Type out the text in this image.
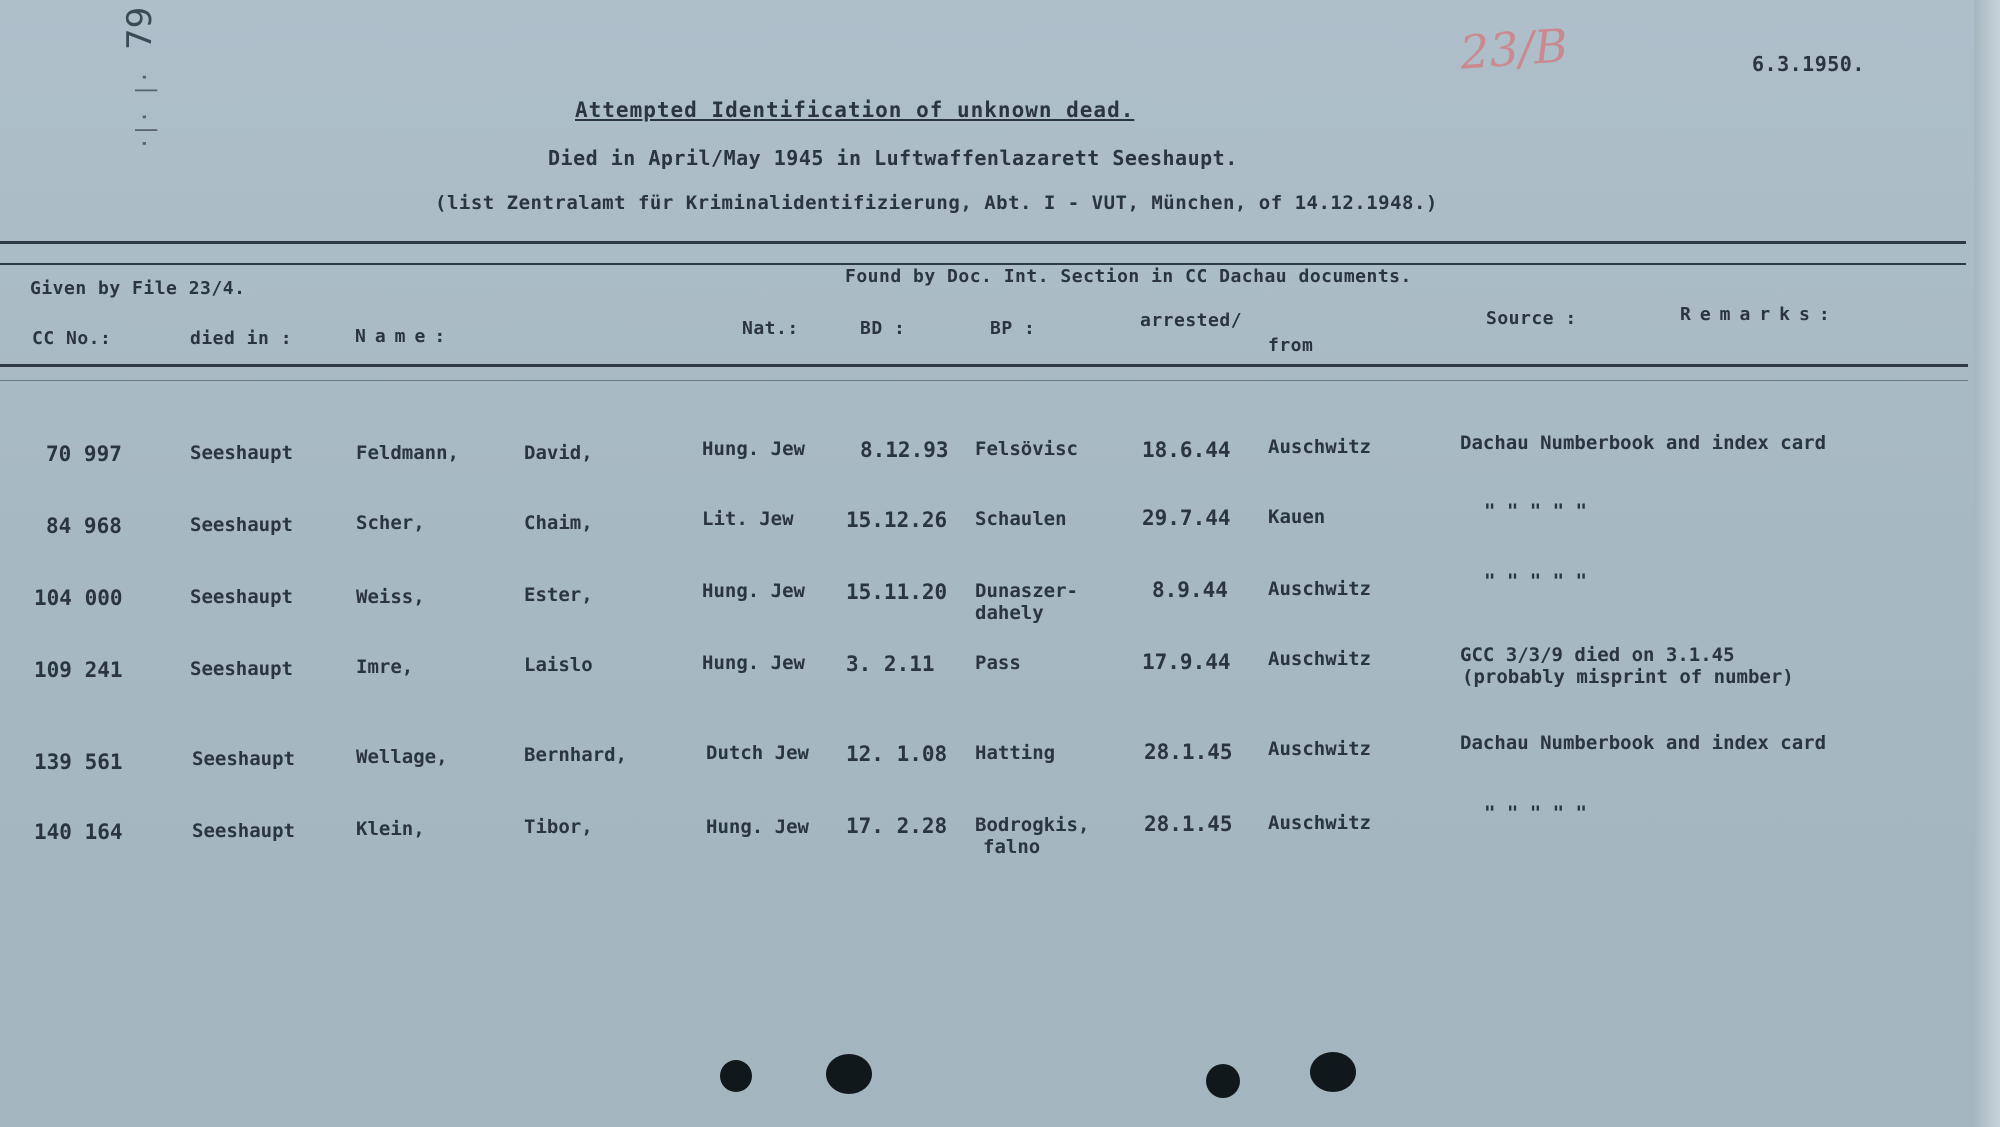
79
·|· |·
23/B	6.3.1950.
Attempted Identification of unknown dead.
Died in April/May 1945 in Luftwaffenlazarett Seeshaupt.
(list Zentralamt für Kriminalidentifizierung, Abt. I - VUT, München, of 14.12.1948.)
Given by File 23/4.
Found by Doc. Int. Section in CC Dachau documents.
CC No.:	died in :	Name:	Nat.:	BD :	BP :	arrested/
from
Source :	Remarks:
70 997	Seeshaupt	Feldmann,	David,	Hung. Jew	8.12.93 Felsövisc	18.6.44 Auschwitz	Dachau Numberbook and index card
84 968	Seeshaupt	Scher,	Chaim,	Lit. Jew 15.12.26 Schaulen	29.7.44 Kauen	" " " " "
104 000	Seeshaupt	Weiss,	Ester,	Hung. Jew 15.11.20 Dunaszer-
dahely
8.9.44 Auschwitz	" " " " "
109 241	Seeshaupt	Imre,	Laislo	Hung. Jew 3. 2.11 Pass	17.9.44 Auschwitz	GCC 3/3/9 died on 3.1.45
(probably misprint of number)
139 561	Seeshaupt	Wellage,	Bernhard,	Dutch Jew 12. 1.08 Hatting	28.1.45 Auschwitz	Dachau Numberbook and index card
140 164	Seeshaupt	Klein,	Tibor,	Hung. Jew 17. 2.28 Bodrogkis,
falno
28.1.45 Auschwitz	" " " " "
